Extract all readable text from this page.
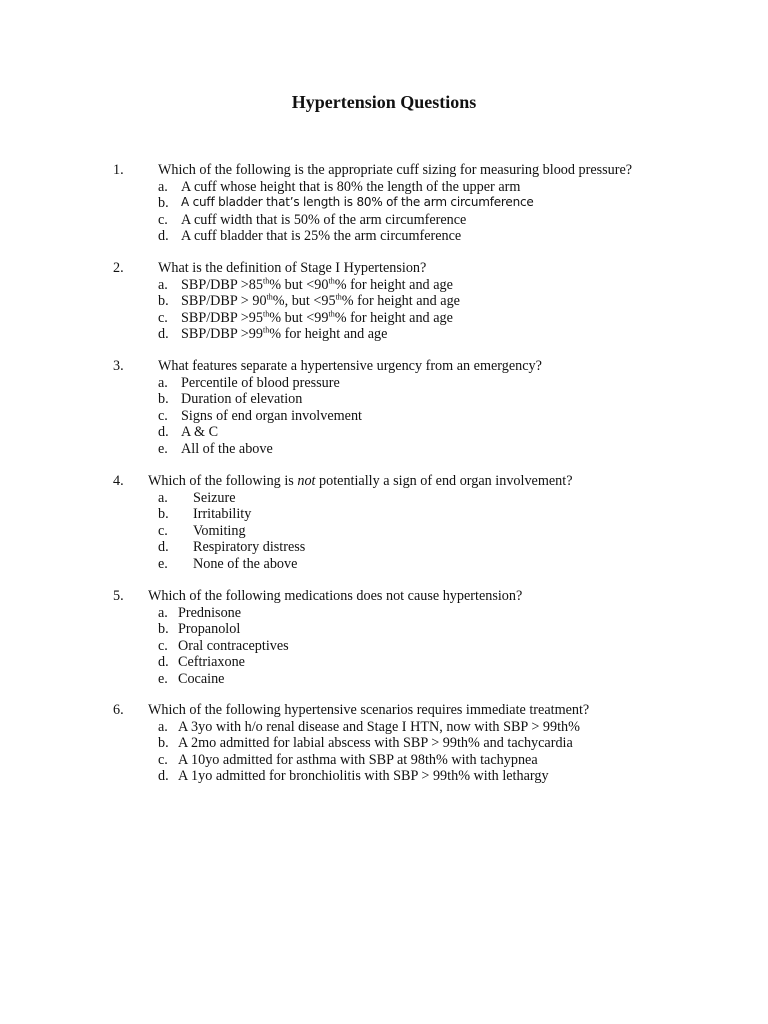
Hypertension Questions
1. Which of the following is the appropriate cuff sizing for measuring blood pressure?
a. A cuff whose height that is 80% the length of the upper arm
b. A cuff bladder that’s length is 80% of the arm circumference
c. A cuff width that is 50% of the arm circumference
d. A cuff bladder that is 25% the arm circumference
2. What is the definition of Stage I Hypertension?
a. SBP/DBP >85th% but <90th% for height and age
b. SBP/DBP > 90th%, but <95th% for height and age
c. SBP/DBP >95th% but <99th% for height and age
d. SBP/DBP >99th% for height and age
3. What features separate a hypertensive urgency from an emergency?
a. Percentile of blood pressure
b. Duration of elevation
c. Signs of end organ involvement
d. A & C
e. All of the above
4. Which of the following is not potentially a sign of end organ involvement?
a. Seizure
b. Irritability
c. Vomiting
d. Respiratory distress
e. None of the above
5. Which of the following medications does not cause hypertension?
a. Prednisone
b. Propanolol
c. Oral contraceptives
d. Ceftriaxone
e. Cocaine
6. Which of the following hypertensive scenarios requires immediate treatment?
a. A 3yo with h/o renal disease and Stage I HTN, now with SBP > 99th%
b. A 2mo admitted for labial abscess with SBP > 99th% and tachycardia
c. A 10yo admitted for asthma with SBP at 98th% with tachypnea
d. A 1yo admitted for bronchiolitis with SBP > 99th% with lethargy
